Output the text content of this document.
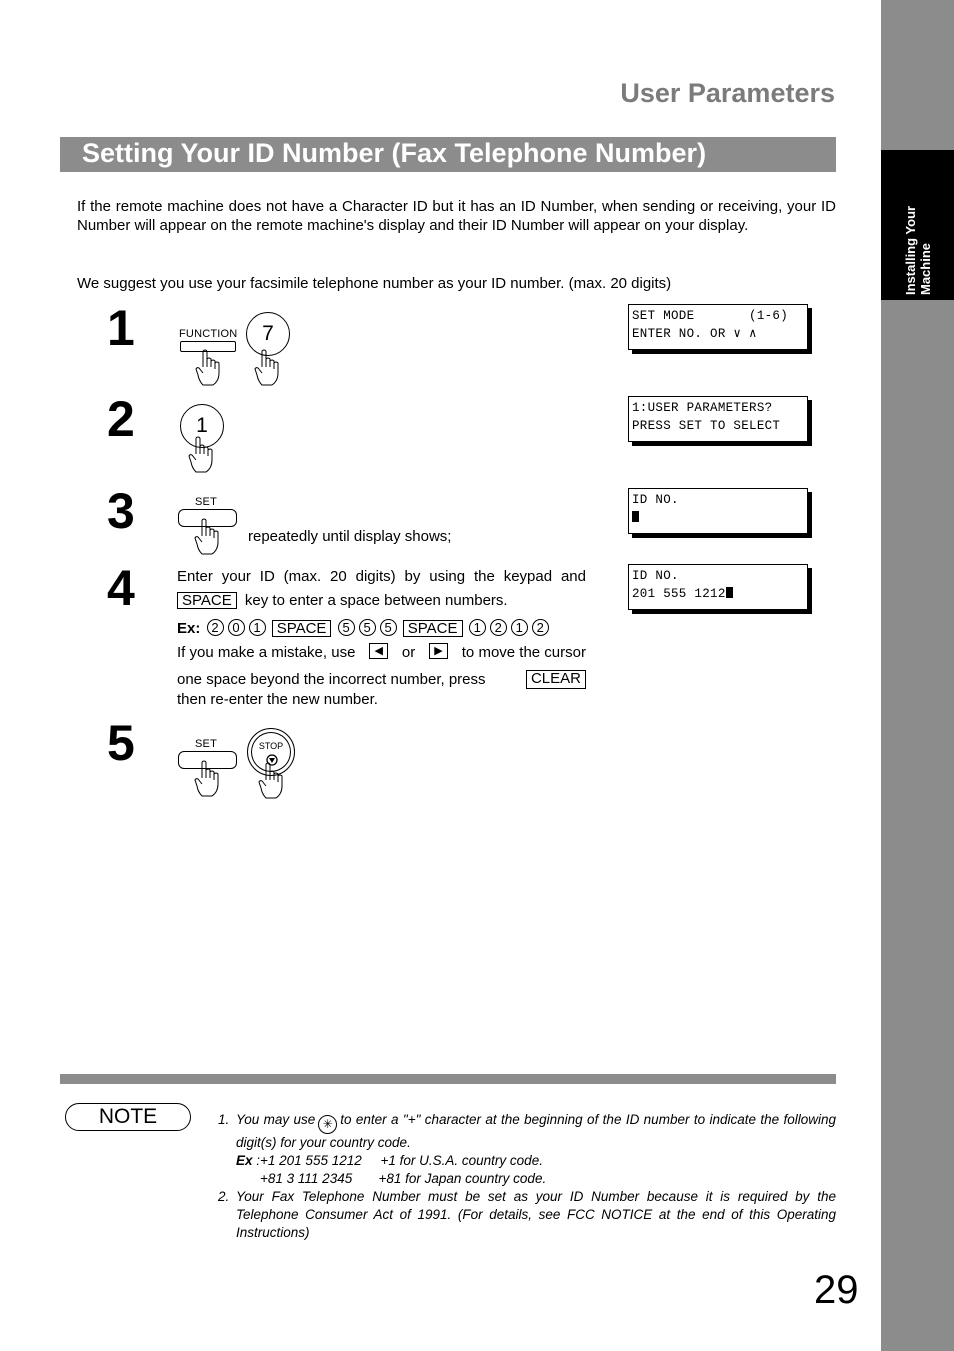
Installing Your Machine
User Parameters
Setting Your ID Number (Fax Telephone Number)
If the remote machine does not have a Character ID but it has an ID Number, when sending or receiving, your ID Number will appear on the remote machine's display and their ID Number will appear on your display.
We suggest you use your facsimile telephone number as your ID number. (max. 20 digits)
1	FUNCTION	7
SET MODE       (1-6)
ENTER NO. OR ∨ ∧
2	1
1:USER PARAMETERS?
PRESS SET TO SELECT
3	SET
repeatedly until display shows;
ID NO.

4	Enter your ID (max. 20 digits) by using the keypad and
SPACE key to enter a space between numbers.
Ex: 2 0 1 SPACE 5 5 5 SPACE 1 2 1 2
If you make a mistake, use	◀	or	▶	to move the cursor
one space beyond the incorrect number, press	CLEAR
then re-enter the new number.
ID NO.
201 555 1212
5	SET	STOP
NOTE	1. You may use ✳ to enter a "+" character at the beginning of the ID number to indicate the following digit(s) for your country code.
Ex :+1 201 555 1212     +1 for U.S.A. country code.
+81 3 111 2345       +81 for Japan country code.
2. Your Fax Telephone Number must be set as your ID Number because it is required by the Telephone Consumer Act of 1991. (For details, see FCC NOTICE at the end of this Operating Instructions)
29
